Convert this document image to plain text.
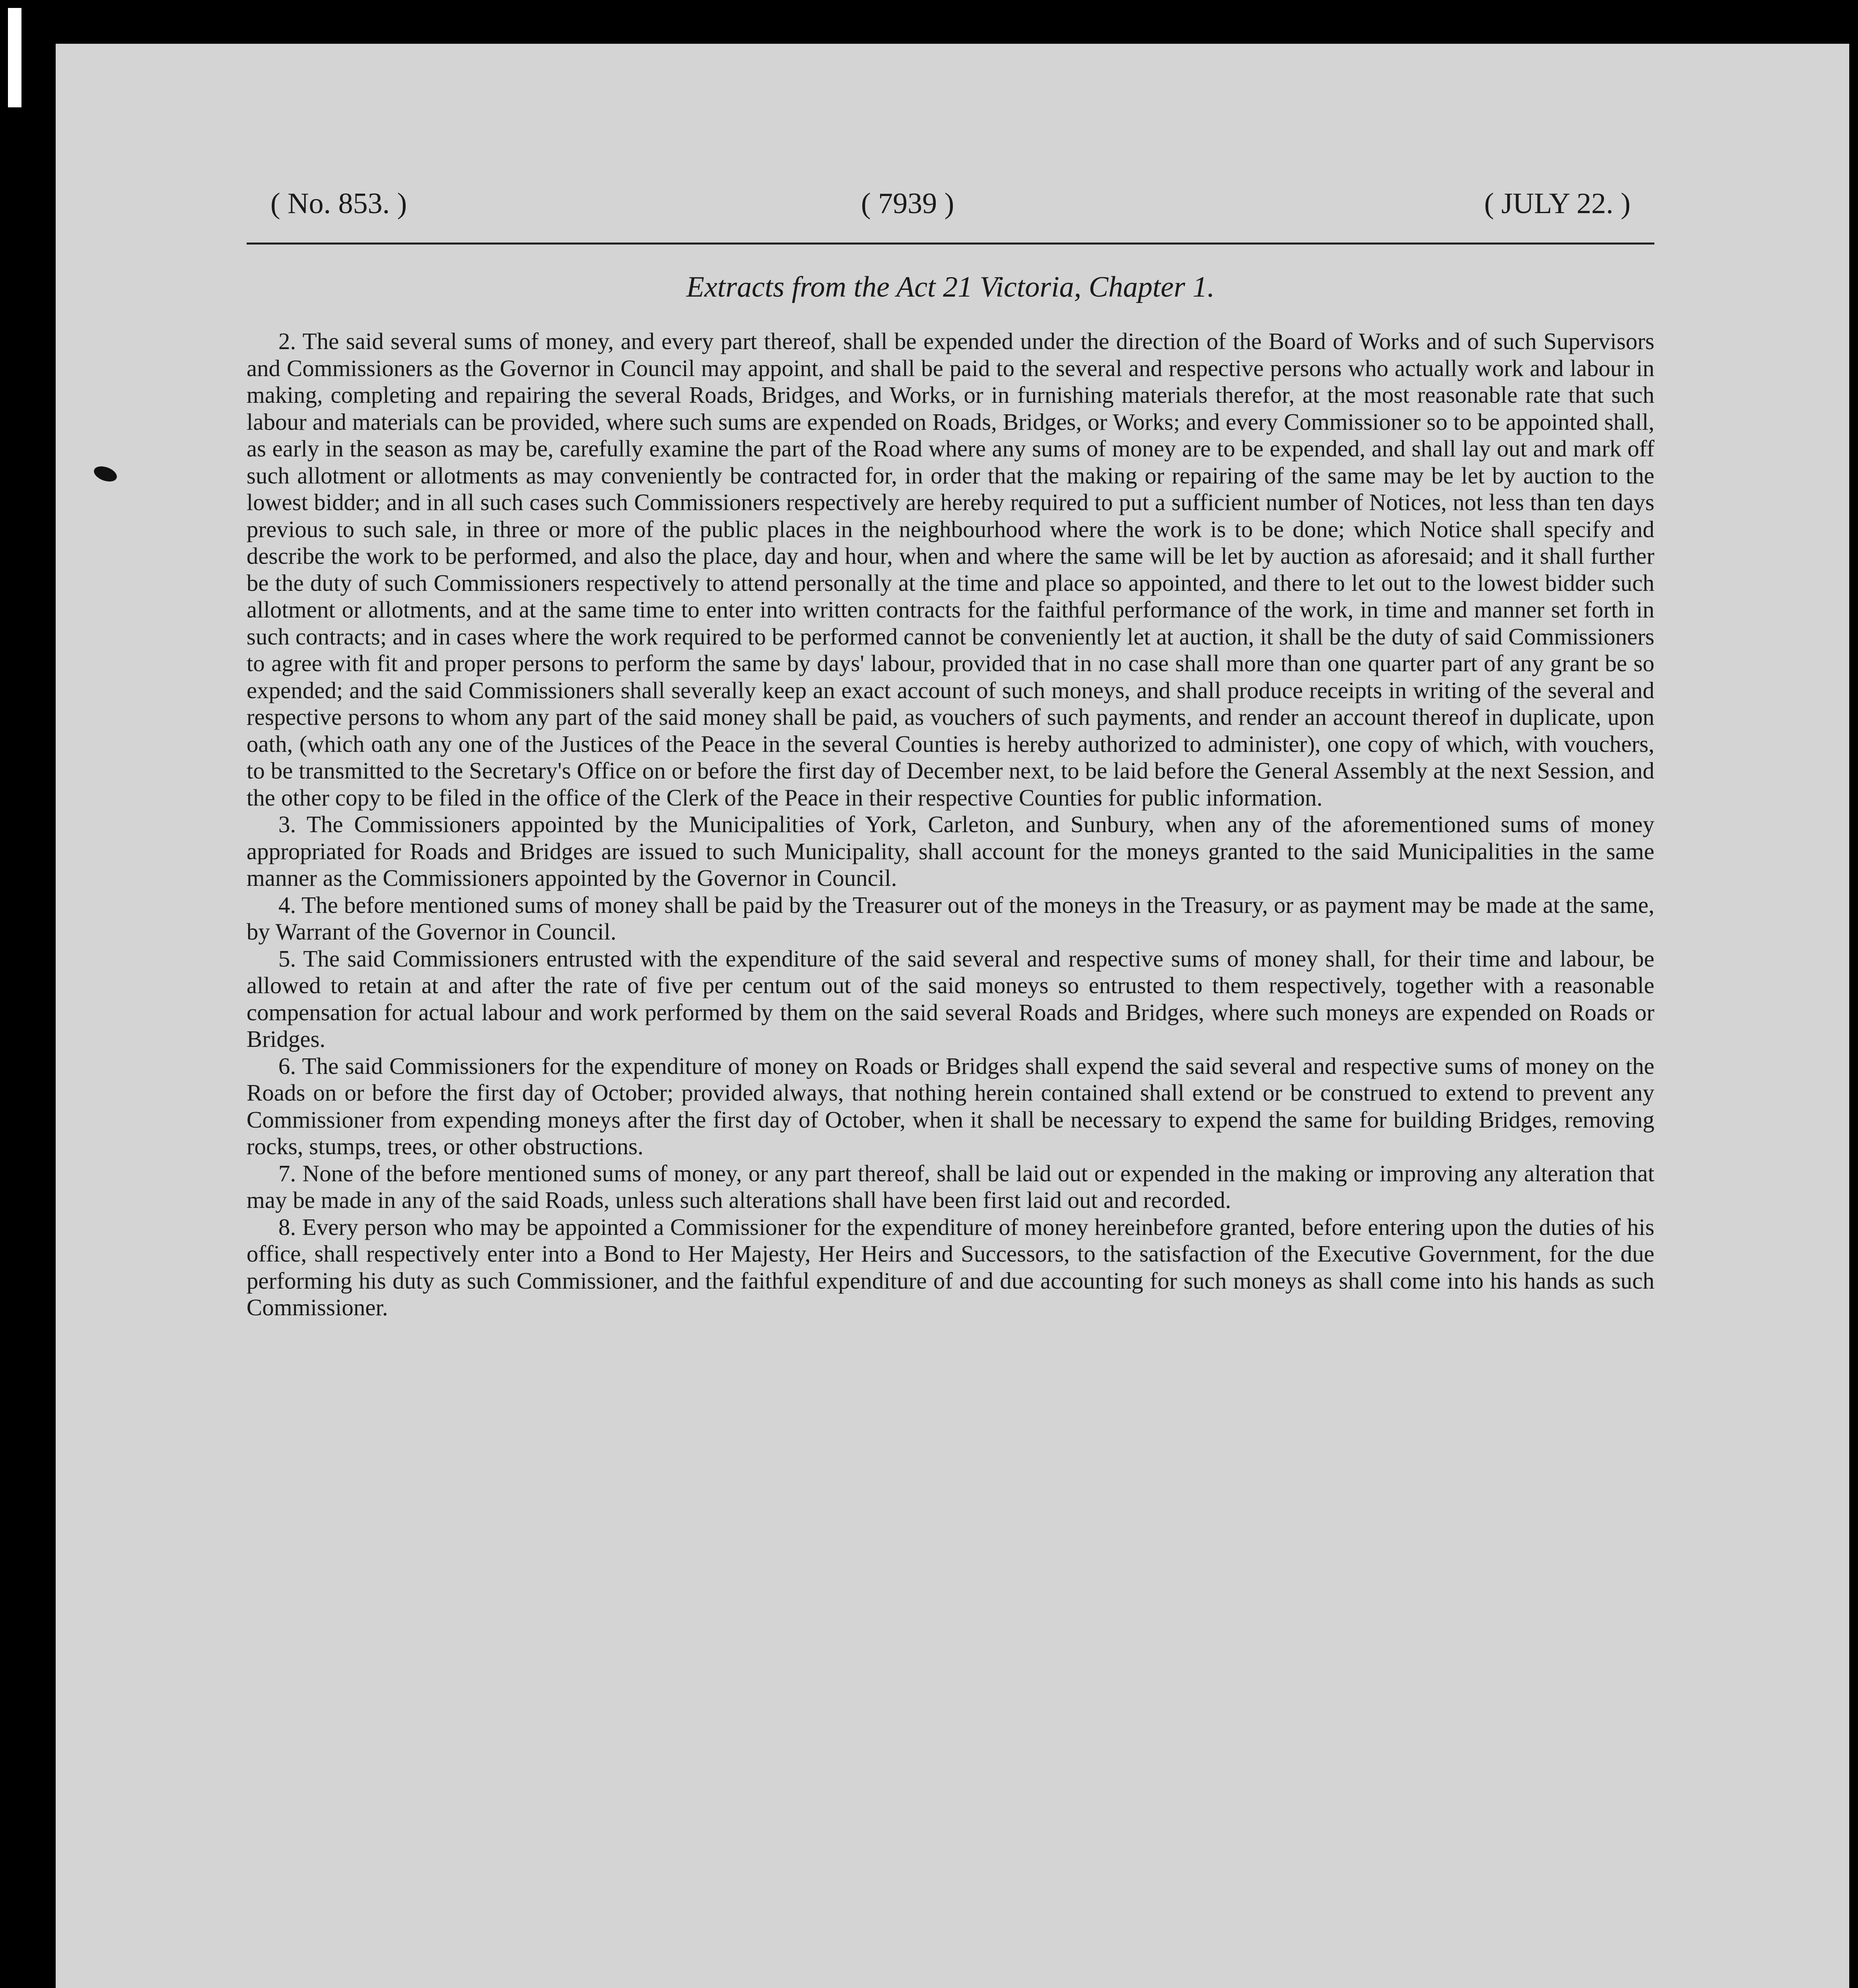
( No. 853. )	( 7939 )	( JULY 22. )
Extracts from the Act 21 Victoria, Chapter 1.

2. The said several sums of money, and every part thereof, shall be expended under the direction of the Board of Works and of such Supervisors and Commissioners as the Governor in Council may appoint, and shall be paid to the several and respective persons who actually work and labour in making, completing and repairing the several Roads, Bridges, and Works, or in furnishing materials therefor, at the most reasonable rate that such labour and materials can be provided, where such sums are expended on Roads, Bridges, or Works; and every Commissioner so to be appointed shall, as early in the season as may be, carefully examine the part of the Road where any sums of money are to be expended, and shall lay out and mark off such allotment or allotments as may conveniently be contracted for, in order that the making or repairing of the same may be let by auction to the lowest bidder; and in all such cases such Commissioners respectively are hereby required to put a sufficient number of Notices, not less than ten days previous to such sale, in three or more of the public places in the neighbourhood where the work is to be done; which Notice shall specify and describe the work to be performed, and also the place, day and hour, when and where the same will be let by auction as aforesaid; and it shall further be the duty of such Commissioners respectively to attend personally at the time and place so appointed, and there to let out to the lowest bidder such allotment or allotments, and at the same time to enter into written contracts for the faithful performance of the work, in time and manner set forth in such contracts; and in cases where the work required to be performed cannot be conveniently let at auction, it shall be the duty of said Commissioners to agree with fit and proper persons to perform the same by days' labour, provided that in no case shall more than one quarter part of any grant be so expended; and the said Commissioners shall severally keep an exact account of such moneys, and shall produce receipts in writing of the several and respective persons to whom any part of the said money shall be paid, as vouchers of such payments, and render an account thereof in duplicate, upon oath, (which oath any one of the Justices of the Peace in the several Counties is hereby authorized to administer), one copy of which, with vouchers, to be transmitted to the Secretary's Office on or before the first day of December next, to be laid before the General Assembly at the next Session, and the other copy to be filed in the office of the Clerk of the Peace in their respective Counties for public information.

3. The Commissioners appointed by the Municipalities of York, Carleton, and Sunbury, when any of the aforementioned sums of money appropriated for Roads and Bridges are issued to such Municipality, shall account for the moneys granted to the said Municipalities in the same manner as the Commissioners appointed by the Governor in Council.

4. The before mentioned sums of money shall be paid by the Treasurer out of the moneys in the Treasury, or as payment may be made at the same, by Warrant of the Governor in Council.

5. The said Commissioners entrusted with the expenditure of the said several and respective sums of money shall, for their time and labour, be allowed to retain at and after the rate of five per centum out of the said moneys so entrusted to them respectively, together with a reasonable compensation for actual labour and work performed by them on the said several Roads and Bridges, where such moneys are expended on Roads or Bridges.

6. The said Commissioners for the expenditure of money on Roads or Bridges shall expend the said several and respective sums of money on the Roads on or before the first day of October; provided always, that nothing herein contained shall extend or be construed to extend to prevent any Commissioner from expending moneys after the first day of October, when it shall be necessary to expend the same for building Bridges, removing rocks, stumps, trees, or other obstructions.

7. None of the before mentioned sums of money, or any part thereof, shall be laid out or expended in the making or improving any alteration that may be made in any of the said Roads, unless such alterations shall have been first laid out and recorded.

8. Every person who may be appointed a Commissioner for the expenditure of money hereinbefore granted, before entering upon the duties of his office, shall respectively enter into a Bond to Her Majesty, Her Heirs and Successors, to the satisfaction of the Executive Government, for the due performing his duty as such Commissioner, and the faithful expenditure of and due accounting for such moneys as shall come into his hands as such Commissioner.
